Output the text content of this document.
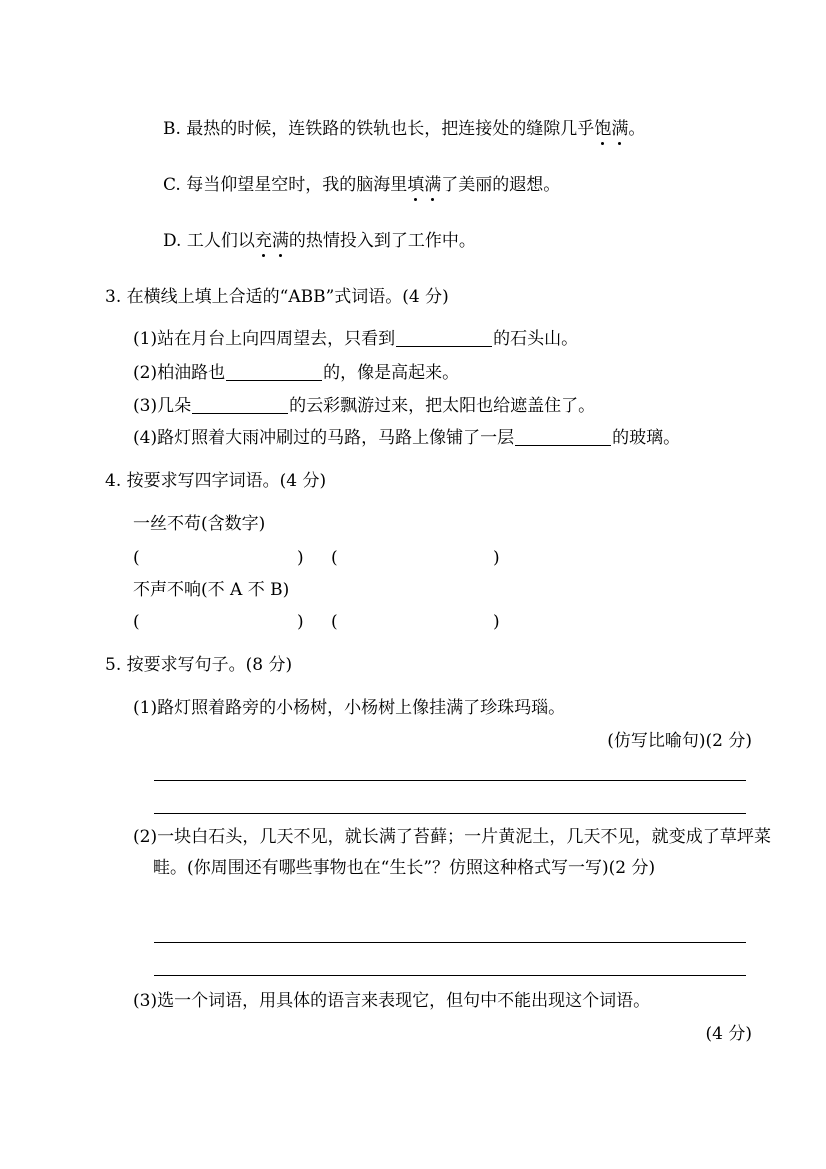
B. 最热的时候，连铁路的铁轨也长，把连接处的缝隙几乎饱满。
C. 每当仰望星空时，我的脑海里填满了美丽的遐想。
D. 工人们以充满的热情投入到了工作中。
3. 在横线上填上合适的“ABB”式词语。(4 分)
(1)站在月台上向四周望去，只看到	的石头山。
(2)柏油路也	的，像是高起来。
(3)几朵	的云彩飘游过来，把太阳也给遮盖住了。
(4)路灯照着大雨冲刷过的马路，马路上像铺了一层	的玻璃。
4. 按要求写四字词语。(4 分)
一丝不苟(含数字)
(	) (	)
不声不响(不 A 不 B)
(	) (	)
5. 按要求写句子。(8 分)
(1)路灯照着路旁的小杨树，小杨树上像挂满了珍珠玛瑙。
(仿写比喻句)(2 分)
(2)一块白石头，几天不见，就长满了苔藓；一片黄泥土，几天不见，就变成了草坪菜畦。(你周围还有哪些事物也在“生长”？仿照这种格式写一写)(2 分)
(3)选一个词语，用具体的语言来表现它，但句中不能出现这个词语。
(4 分)
